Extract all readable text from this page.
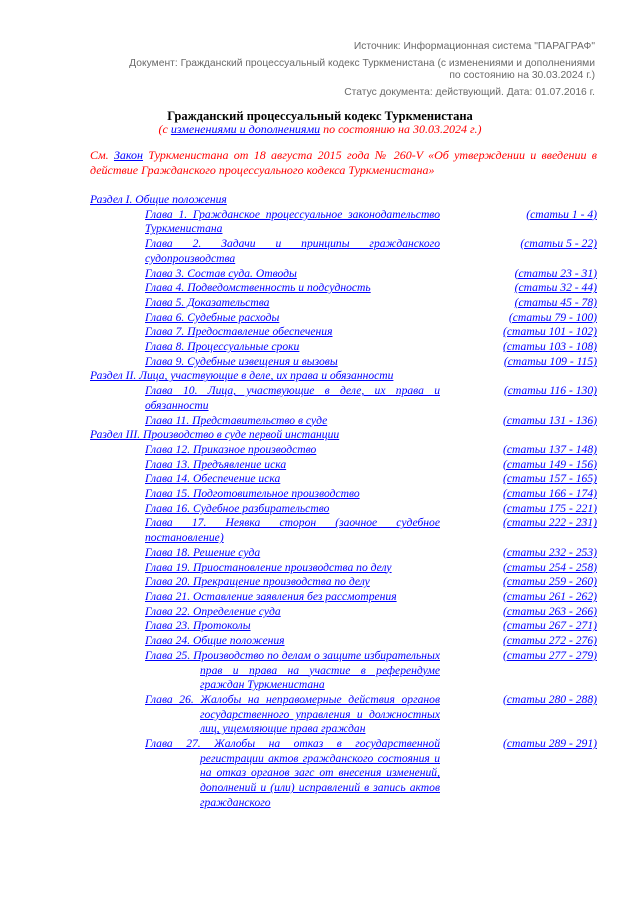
Источник: Информационная система "ПАРАГРАФ"
Документ: Гражданский процессуальный кодекс Туркменистана (с изменениями и дополнениями
по состоянию на 30.03.2024 г.)
Статус документа: действующий. Дата: 01.07.2016 г.
Гражданский процессуальный кодекс Туркменистана
(с изменениями и дополнениями по состоянию на 30.03.2024 г.)
См. Закон Туркменистана от 18 августа 2015 года № 260-V «Об утверждении и введении в действие Гражданского процессуального кодекса Туркменистана»
Раздел I. Общие положения
Глава 1. Гражданское процессуальное законодательство Туркменистана
(статьи 1 - 4)
Глава 2. Задачи и принципы гражданского судопроизводства
(статьи 5 - 22)
Глава 3. Состав суда. Отводы	(статьи 23 - 31)
Глава 4. Подведомственность и подсудность	(статьи 32 - 44)
Глава 5. Доказательства	(статьи 45 - 78)
Глава 6. Судебные расходы	(статьи 79 - 100)
Глава 7. Предоставление обеспечения	(статьи 101 - 102)
Глава 8. Процессуальные сроки	(статьи 103 - 108)
Глава 9. Судебные извещения и вызовы	(статьи 109 - 115)
Раздел II. Лица, участвующие в деле, их права и обязанности
Глава 10. Лица, участвующие в деле, их права и обязанности
(статьи 116 - 130)
Глава 11. Представительство в суде	(статьи 131 - 136)
Раздел III. Производство в суде первой инстанции
Глава 12. Приказное производство	(статьи 137 - 148)
Глава 13. Предъявление иска	(статьи 149 - 156)
Глава 14. Обеспечение иска	(статьи 157 - 165)
Глава 15. Подготовительное производство	(статьи 166 - 174)
Глава 16. Судебное разбирательство	(статьи 175 - 221)
Глава 17. Неявка сторон (заочное судебное постановление)
(статьи 222 - 231)
Глава 18. Решение суда	(статьи 232 - 253)
Глава 19. Приостановление производства по делу	(статьи 254 - 258)
Глава 20. Прекращение производства по делу	(статьи 259 - 260)
Глава 21. Оставление заявления без рассмотрения	(статьи 261 - 262)
Глава 22. Определение суда	(статьи 263 - 266)
Глава 23. Протоколы	(статьи 267 - 271)
Глава 24. Общие положения	(статьи 272 - 276)
Глава 25. Производство по делам о защите избирательных прав и права на участие в референдуме граждан Туркменистана
(статьи 277 - 279)
Глава 26. Жалобы на неправомерные действия органов государственного управления и должностных лиц, ущемляющие права граждан
(статьи 280 - 288)
Глава 27. Жалобы на отказ в государственной регистрации актов гражданского состояния и на отказ органов загс от внесения изменений, дополнений и (или) исправлений в запись актов гражданского
(статьи 289 - 291)
